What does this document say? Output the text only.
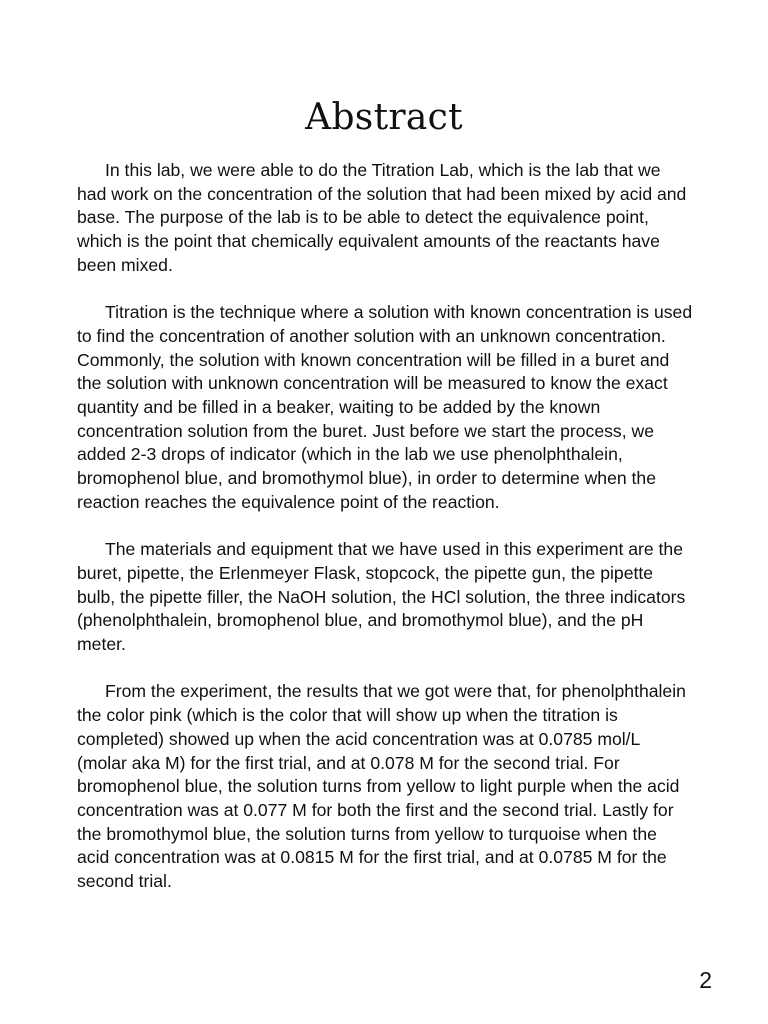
Abstract

In this lab, we were able to do the Titration Lab, which is the lab that we had work on the concentration of the solution that had been mixed by acid and base. The purpose of the lab is to be able to detect the equivalence point, which is the point that chemically equivalent amounts of the reactants have been mixed.

Titration is the technique where a solution with known concentration is used to find the concentration of another solution with an unknown concentration. Commonly, the solution with known concentration will be filled in a buret and the solution with unknown concentration will be measured to know the exact quantity and be filled in a beaker, waiting to be added by the known concentration solution from the buret. Just before we start the process, we added 2-3 drops of indicator (which in the lab we use phenolphthalein, bromophenol blue, and bromothymol blue), in order to determine when the reaction reaches the equivalence point of the reaction.

The materials and equipment that we have used in this experiment are the buret, pipette, the Erlenmeyer Flask, stopcock, the pipette gun, the pipette bulb, the pipette filler, the NaOH solution, the HCl solution, the three indicators (phenolphthalein, bromophenol blue, and bromothymol blue), and the pH meter.

From the experiment, the results that we got were that, for phenolphthalein the color pink (which is the color that will show up when the titration is completed) showed up when the acid concentration was at 0.0785 mol/L (molar aka M) for the first trial, and at 0.078 M for the second trial. For bromophenol blue, the solution turns from yellow to light purple when the acid concentration was at 0.077 M for both the first and the second trial. Lastly for the bromothymol blue, the solution turns from yellow to turquoise when the acid concentration was at 0.0815 M for the first trial, and at 0.0785 M for the second trial.

2
